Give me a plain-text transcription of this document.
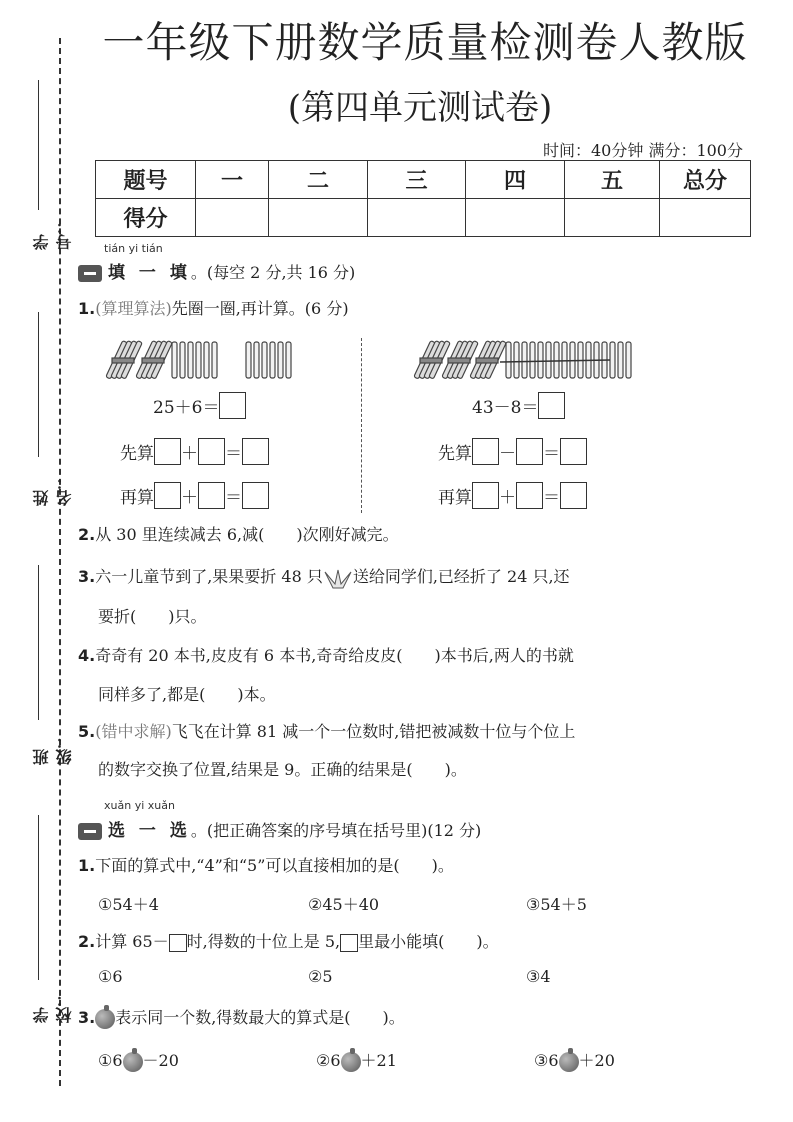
学号：
姓名：
班级：
学校：
一年级下册数学质量检测卷人教版
(第四单元测试卷)
时间：40分钟 满分：100分
题号	一	二	三	四	五	总分
得分						
tián yi tián
填 一 填。(每空 2 分,共 16 分)
1.(算理算法)先圈一圈,再计算。(6 分)
25＋6＝
先算 ＋ ＝
再算 ＋ ＝
43－8＝
先算 － ＝
再算 ＋ ＝
2.从 30 里连续减去 6,减(　　)次刚好减完。
3.六一儿童节到了,果果要折 48 只 送给同学们,已经折了 24 只,还
要折(　　)只。
4.奇奇有 20 本书,皮皮有 6 本书,奇奇给皮皮(　　)本书后,两人的书就
同样多了,都是(　　)本。
5.(错中求解)飞飞在计算 81 减一个一位数时,错把被减数十位与个位上
的数字交换了位置,结果是 9。正确的结果是(　　)。
xuǎn yi xuǎn
选 一 选。(把正确答案的序号填在括号里)(12 分)
1.下面的算式中,“4”和“5”可以直接相加的是(　　)。
①54＋4	②45＋40	③54＋5
2.计算 65－ 时,得数的十位上是 5, 里最小能填(　　)。
①6	②5	③4
3. 表示同一个数,得数最大的算式是(　　)。
①6 －20	②6 ＋21	③6 ＋20
